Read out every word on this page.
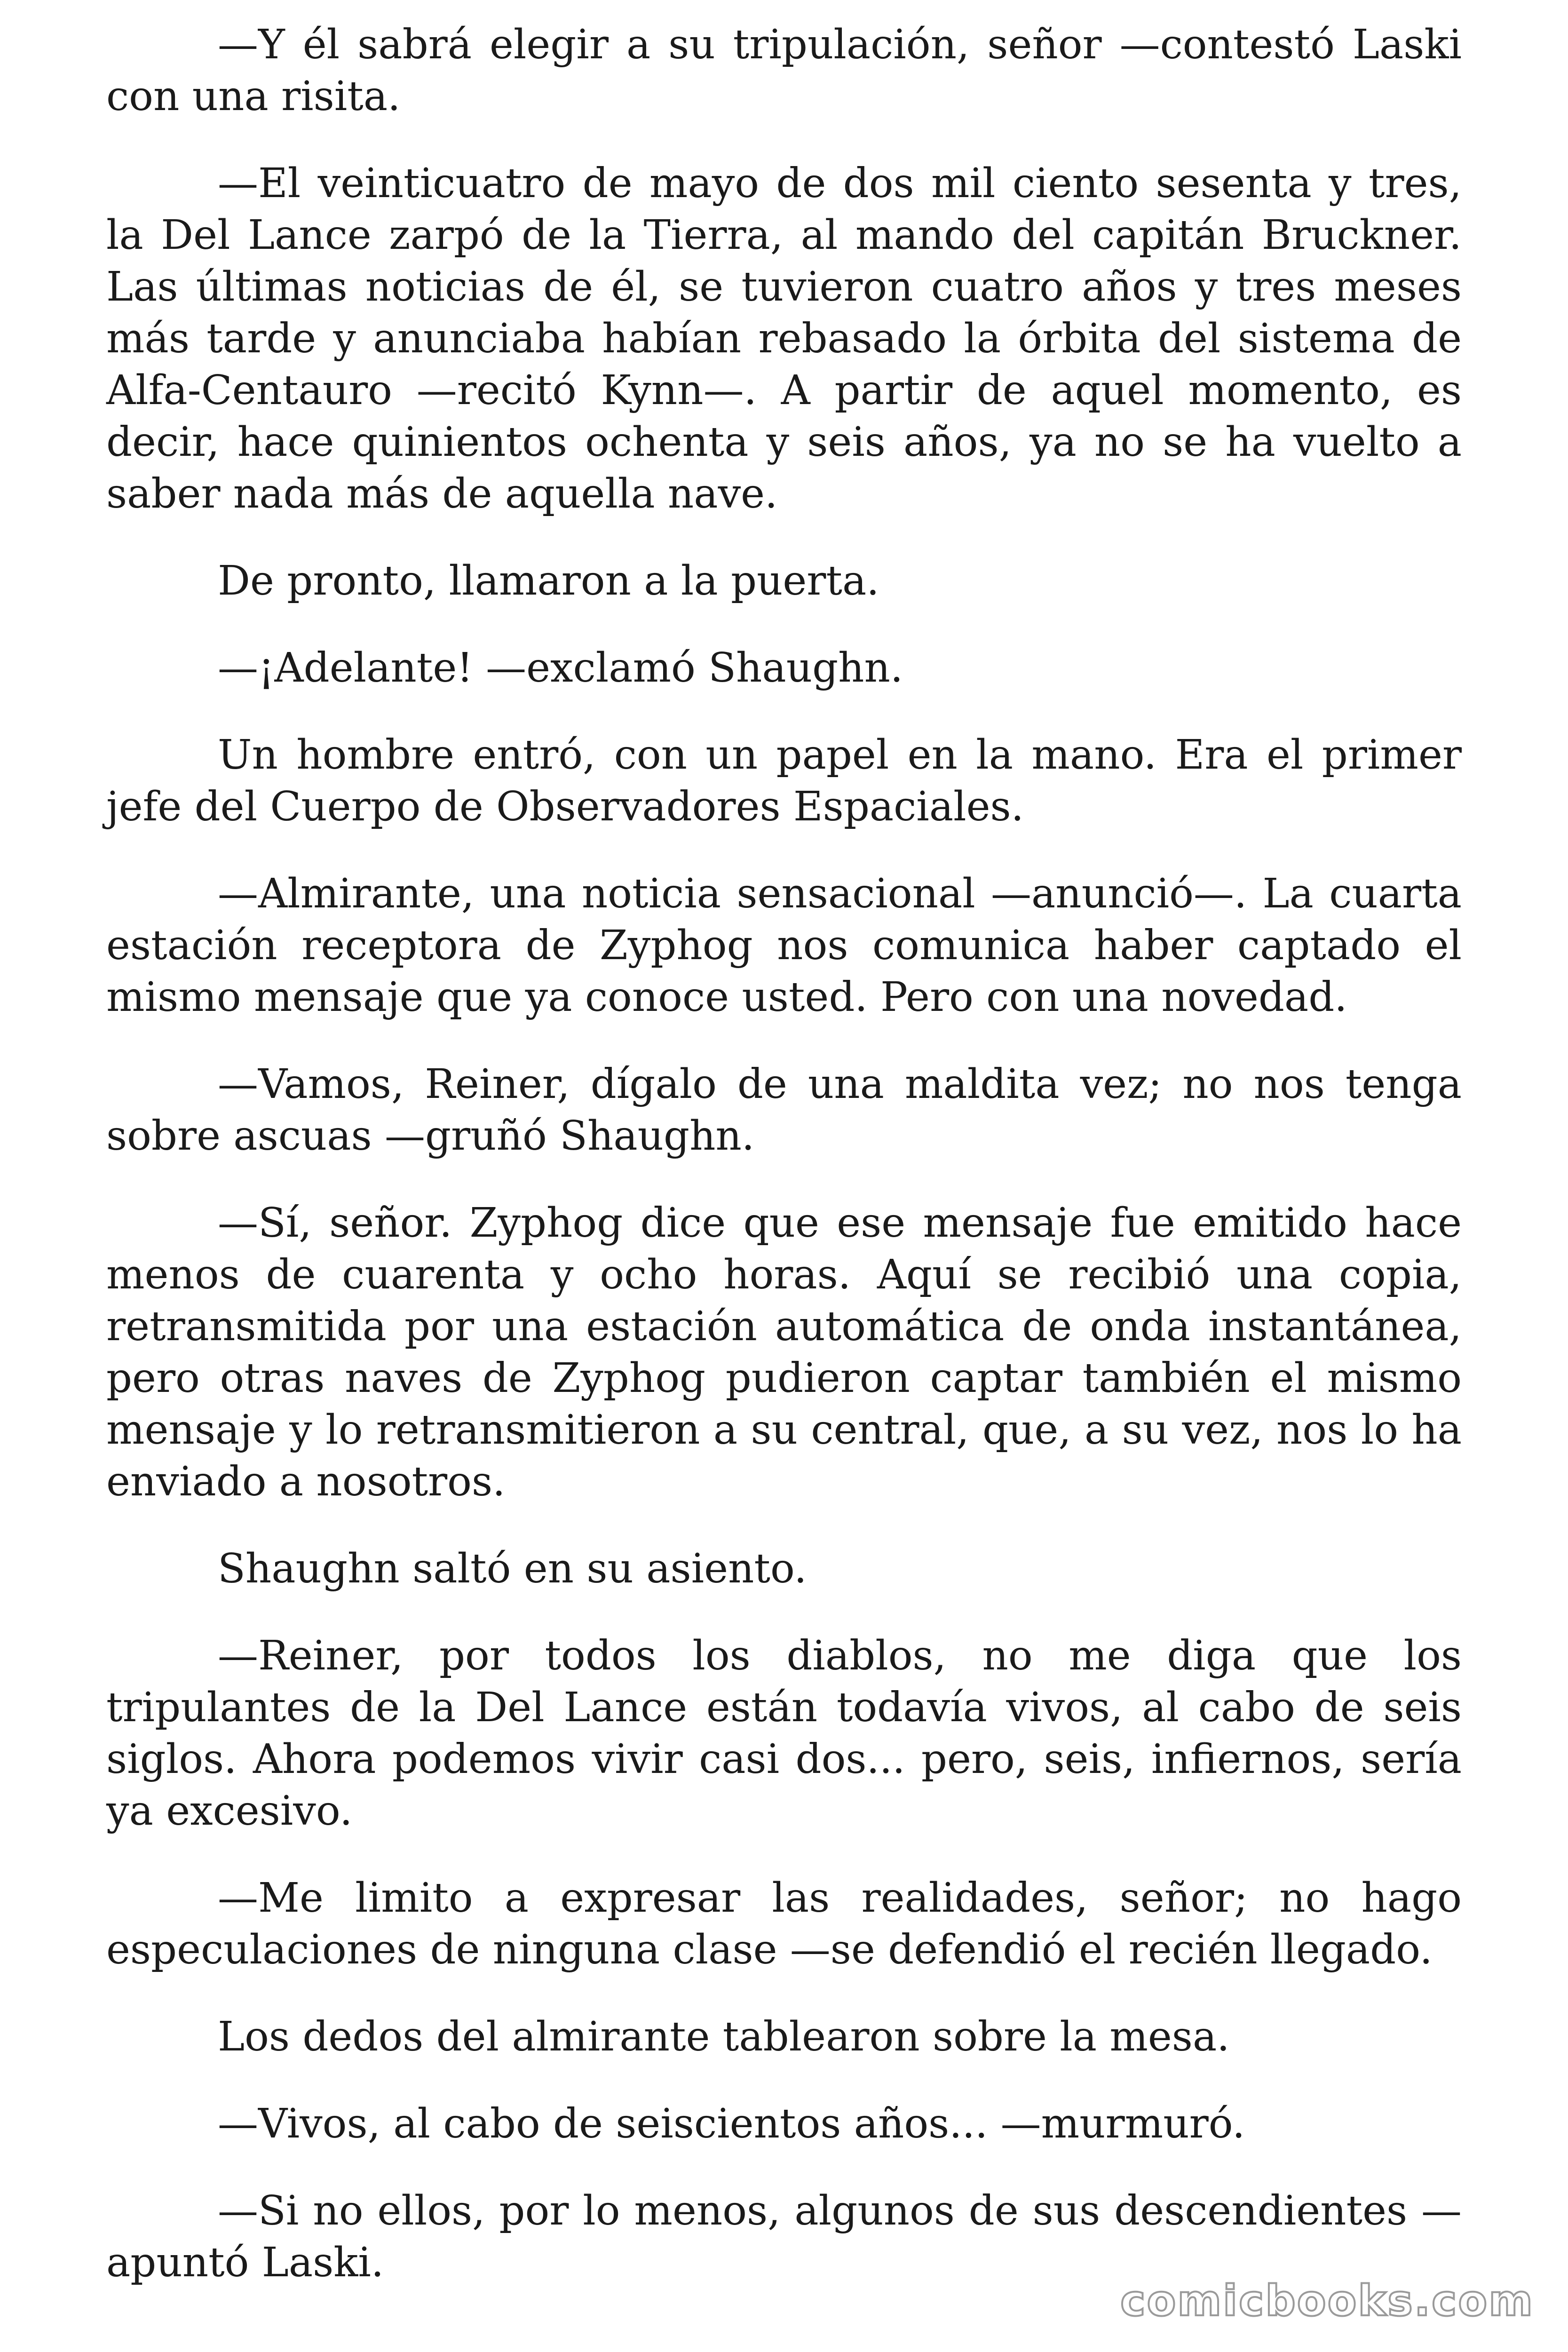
—Y él sabrá elegir a su tripulación, señor —contestó Laski con una risita.

—El veinticuatro de mayo de dos mil ciento sesenta y tres, la Del Lance zarpó de la Tierra, al mando del capitán Bruckner. Las últimas noticias de él, se tuvieron cuatro años y tres meses más tarde y anunciaba habían rebasado la órbita del sistema de Alfa-Centauro —recitó Kynn—. A partir de aquel momento, es decir, hace quinientos ochenta y seis años, ya no se ha vuelto a saber nada más de aquella nave.

De pronto, llamaron a la puerta.

—¡Adelante! —exclamó Shaughn.

Un hombre entró, con un papel en la mano. Era el primer jefe del Cuerpo de Observadores Espaciales.

—Almirante, una noticia sensacional —anunció—. La cuarta estación receptora de Zyphog nos comunica haber captado el mismo mensaje que ya conoce usted. Pero con una novedad.

—Vamos, Reiner, dígalo de una maldita vez; no nos tenga sobre ascuas —gruñó Shaughn.

—Sí, señor. Zyphog dice que ese mensaje fue emitido hace menos de cuarenta y ocho horas. Aquí se recibió una copia, retransmitida por una estación automática de onda instantánea, pero otras naves de Zyphog pudieron captar también el mismo mensaje y lo retransmitieron a su central, que, a su vez, nos lo ha enviado a nosotros.

Shaughn saltó en su asiento.

—Reiner, por todos los diablos, no me diga que los tripulantes de la Del Lance están todavía vivos, al cabo de seis siglos. Ahora podemos vivir casi dos... pero, seis, infiernos, sería ya excesivo.

—Me limito a expresar las realidades, señor; no hago especulaciones de ninguna clase —se defendió el recién llegado.

Los dedos del almirante tablearon sobre la mesa.

—Vivos, al cabo de seiscientos años... —murmuró.

—Si no ellos, por lo menos, algunos de sus descendientes —apuntó Laski.

comicbooks.com
